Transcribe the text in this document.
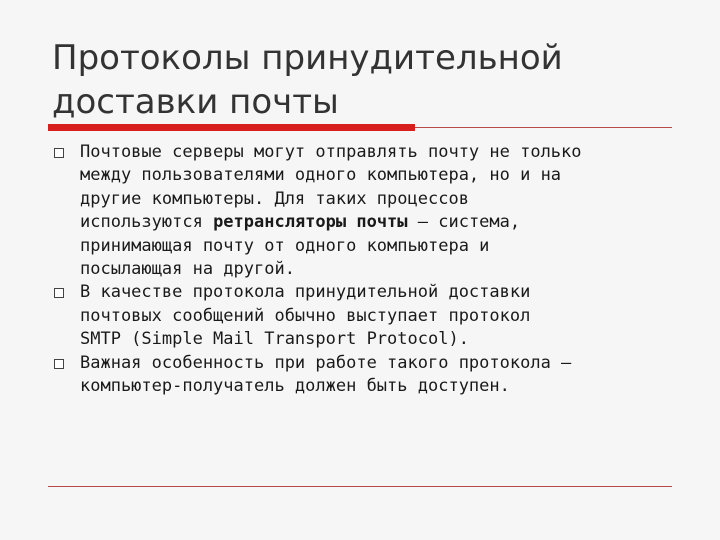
Протоколы принудительной
доставки почты
Почтовые серверы могут отправлять почту не только
между пользователями одного компьютера, но и на
другие компьютеры. Для таких процессов
используются ретрансляторы почты – система,
принимающая почту от одного компьютера и
посылающая на другой.
В качестве протокола принудительной доставки
почтовых сообщений обычно выступает протокол
SMTP (Simple Mail Transport Protocol).
Важная особенность при работе такого протокола –
компьютер-получатель должен быть доступен.
